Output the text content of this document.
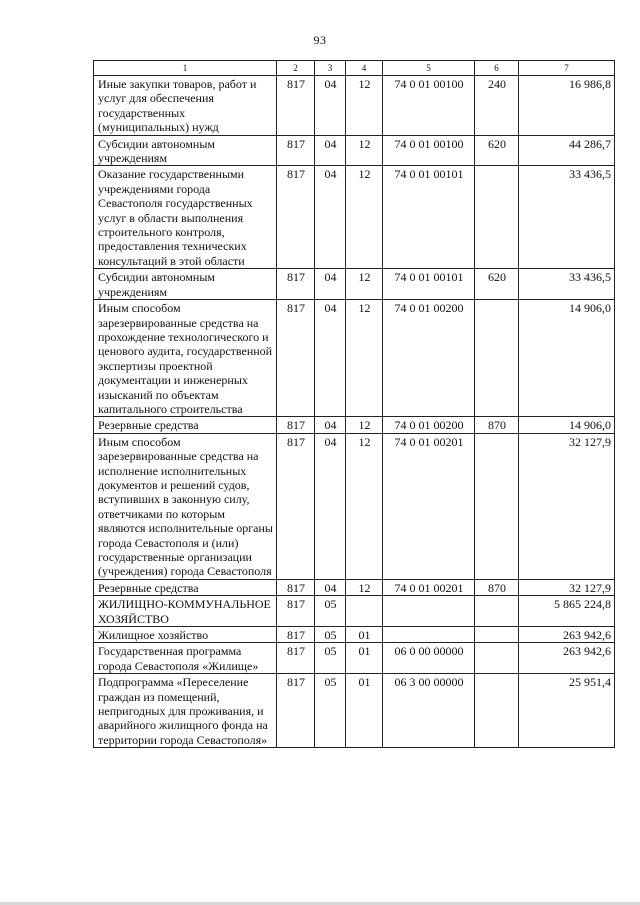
93
1	2	3	4	5	6	7
Иные закупки товаров, работ и услуг для обеспечения государственных (муниципальных) нужд	817	04	12	74 0 01 00100	240	16 986,8
Субсидии автономным учреждениям	817	04	12	74 0 01 00100	620	44 286,7
Оказание государственными учреждениями города Севастополя государственных услуг в области выполнения строительного контроля, предоставления технических консультаций в этой области	817	04	12	74 0 01 00101		33 436,5
Субсидии автономным учреждениям	817	04	12	74 0 01 00101	620	33 436,5
Иным способом зарезервированные средства на прохождение технологического и ценового аудита, государственной экспертизы проектной документации и инженерных изысканий по объектам капитального строительства	817	04	12	74 0 01 00200		14 906,0
Резервные средства	817	04	12	74 0 01 00200	870	14 906,0
Иным способом зарезервированные средства на исполнение исполнительных документов и решений судов, вступивших в законную силу, ответчиками по которым являются исполнительные органы города Севастополя и (или) государственные организации (учреждения) города Севастополя	817	04	12	74 0 01 00201		32 127,9
Резервные средства	817	04	12	74 0 01 00201	870	32 127,9
ЖИЛИЩНО-КОММУНАЛЬНОЕ ХОЗЯЙСТВО	817	05				5 865 224,8
Жилищное хозяйство	817	05	01			263 942,6
Государственная программа города Севастополя «Жилище»	817	05	01	06 0 00 00000		263 942,6
Подпрограмма «Переселение граждан из помещений, непригодных для проживания, и аварийного жилищного фонда на территории города Севастополя»	817	05	01	06 3 00 00000		25 951,4
